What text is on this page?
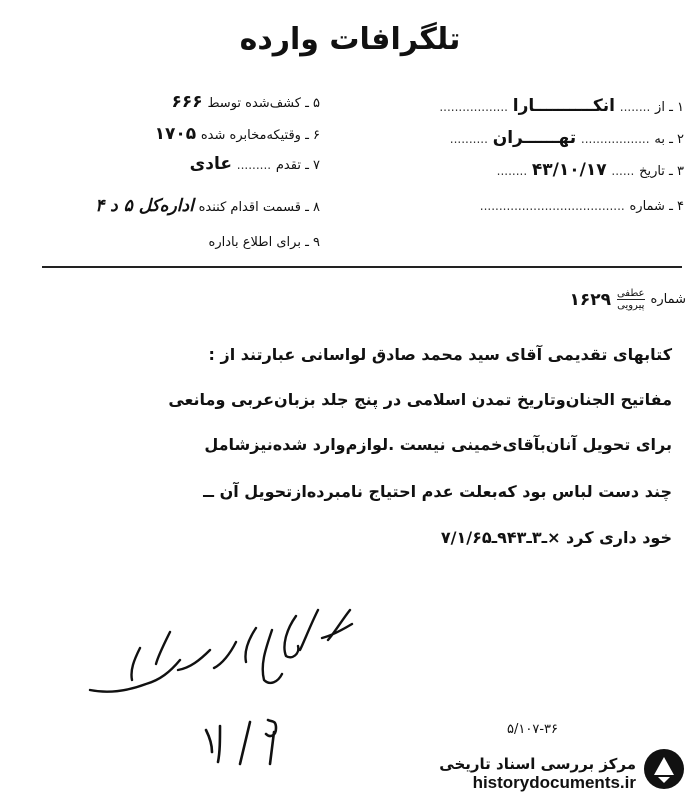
تلگرافات وارده
۱ ـ از ........ انکــــــــــارا ..................
۲ ـ به .................. تهــــــران ..........
۳ ـ تاریخ ...... ۴۳/۱۰/۱۷ ........
۴ ـ شماره ......................................
۵ ـ کشف‌شده توسط ۶۶۶
۶ ـ وقتیکه‌مخابره شده ۱۷۰۵
۷ ـ تقدم ......... عادی
۸ ـ قسمت اقدام کننده اداره‌کل ۵ د ۴
۹ ـ برای اطلاع باداره
شماره
عطفی
پیرویی
۱۶۲۹
کتابهای تقدیمی آقای سید محمد صادق لواسانی عبارتند از :
مفاتیح الجنان‌وتاریخ تمدن اسلامی در پنج جلد بزبان‌عربی ومانعی
برای تحویل آنان‌بآقای‌خمینی نیست .لوازم‌وارد شده‌نیزشامل
چند دست لباس بود که‌بعلت عدم احتیاج نامبرده‌ازتحویل آن ــ
خود داری کرد ×ـ۳ـ۹۴۳ـ۷/۱/۶۵
۵/۱۰۷-۳۶
مرکز بررسی اسناد تاریخی
historydocuments.ir
